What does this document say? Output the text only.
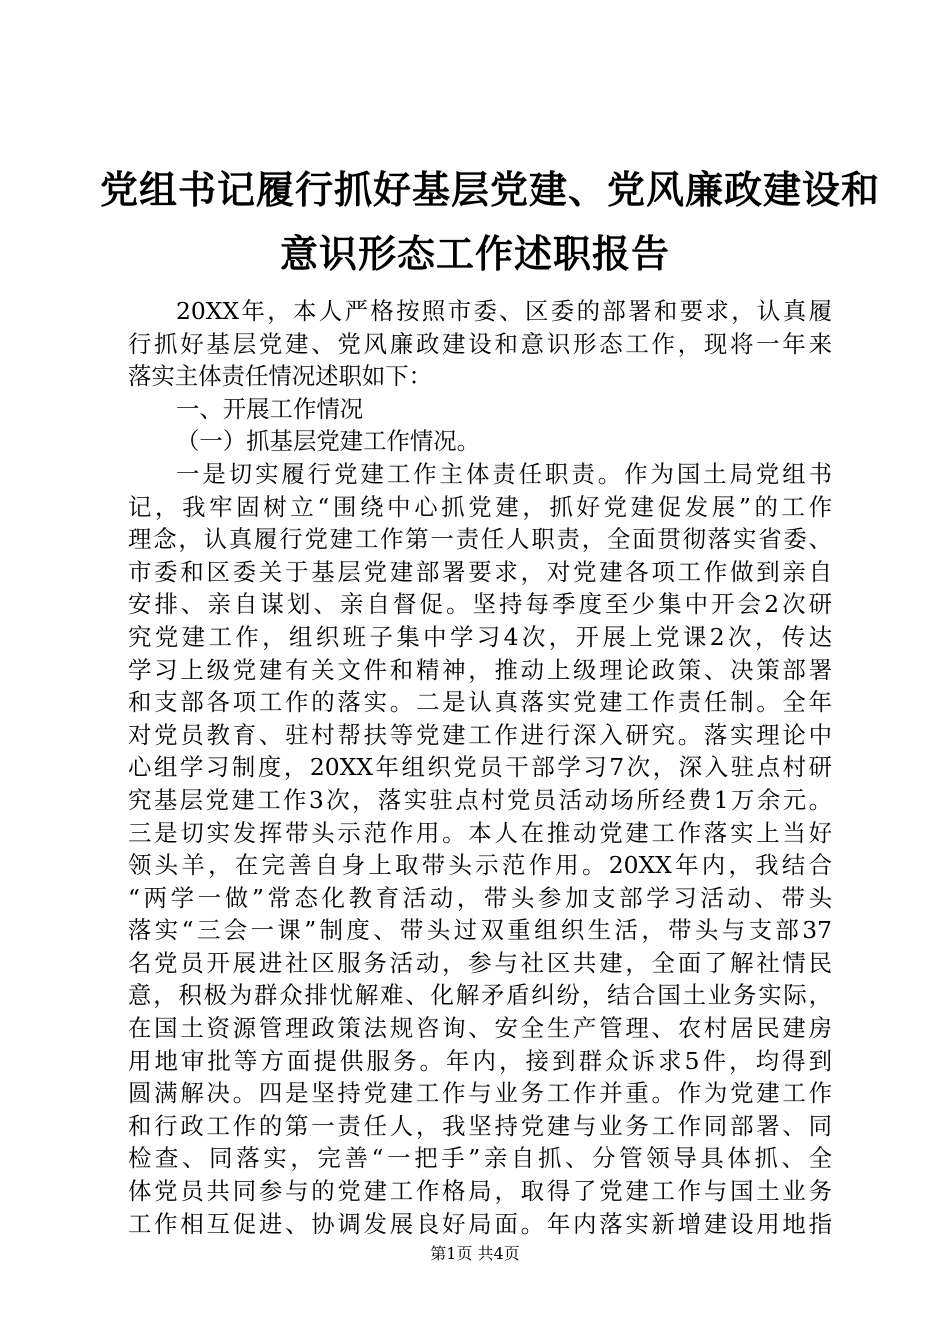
党组书记履行抓好基层党建、党风廉政建设和
意识形态工作述职报告
20XX年，本人严格按照市委、区委的部署和要求，认真履
行抓好基层党建、党风廉政建设和意识形态工作，现将一年来
落实主体责任情况述职如下：
一、开展工作情况
（一）抓基层党建工作情况。
一是切实履行党建工作主体责任职责。作为国土局党组书
记，我牢固树立“围绕中心抓党建，抓好党建促发展”的工作
理念，认真履行党建工作第一责任人职责，全面贯彻落实省委、
市委和区委关于基层党建部署要求，对党建各项工作做到亲自
安排、亲自谋划、亲自督促。坚持每季度至少集中开会2次研
究党建工作，组织班子集中学习4次，开展上党课2次，传达
学习上级党建有关文件和精神，推动上级理论政策、决策部署
和支部各项工作的落实。二是认真落实党建工作责任制。全年
对党员教育、驻村帮扶等党建工作进行深入研究。落实理论中
心组学习制度，20XX年组织党员干部学习7次，深入驻点村研
究基层党建工作3次，落实驻点村党员活动场所经费1万余元。
三是切实发挥带头示范作用。本人在推动党建工作落实上当好
领头羊，在完善自身上取带头示范作用。20XX年内，我结合
“两学一做”常态化教育活动，带头参加支部学习活动、带头
落实“三会一课”制度、带头过双重组织生活，带头与支部37
名党员开展进社区服务活动，参与社区共建，全面了解社情民
意，积极为群众排忧解难、化解矛盾纠纷，结合国土业务实际，
在国土资源管理政策法规咨询、安全生产管理、农村居民建房
用地审批等方面提供服务。年内，接到群众诉求5件，均得到
圆满解决。四是坚持党建工作与业务工作并重。作为党建工作
和行政工作的第一责任人，我坚持党建与业务工作同部署、同
检查、同落实，完善“一把手”亲自抓、分管领导具体抓、全
体党员共同参与的党建工作格局，取得了党建工作与国土业务
工作相互促进、协调发展良好局面。年内落实新增建设用地指
第1页 共4页
